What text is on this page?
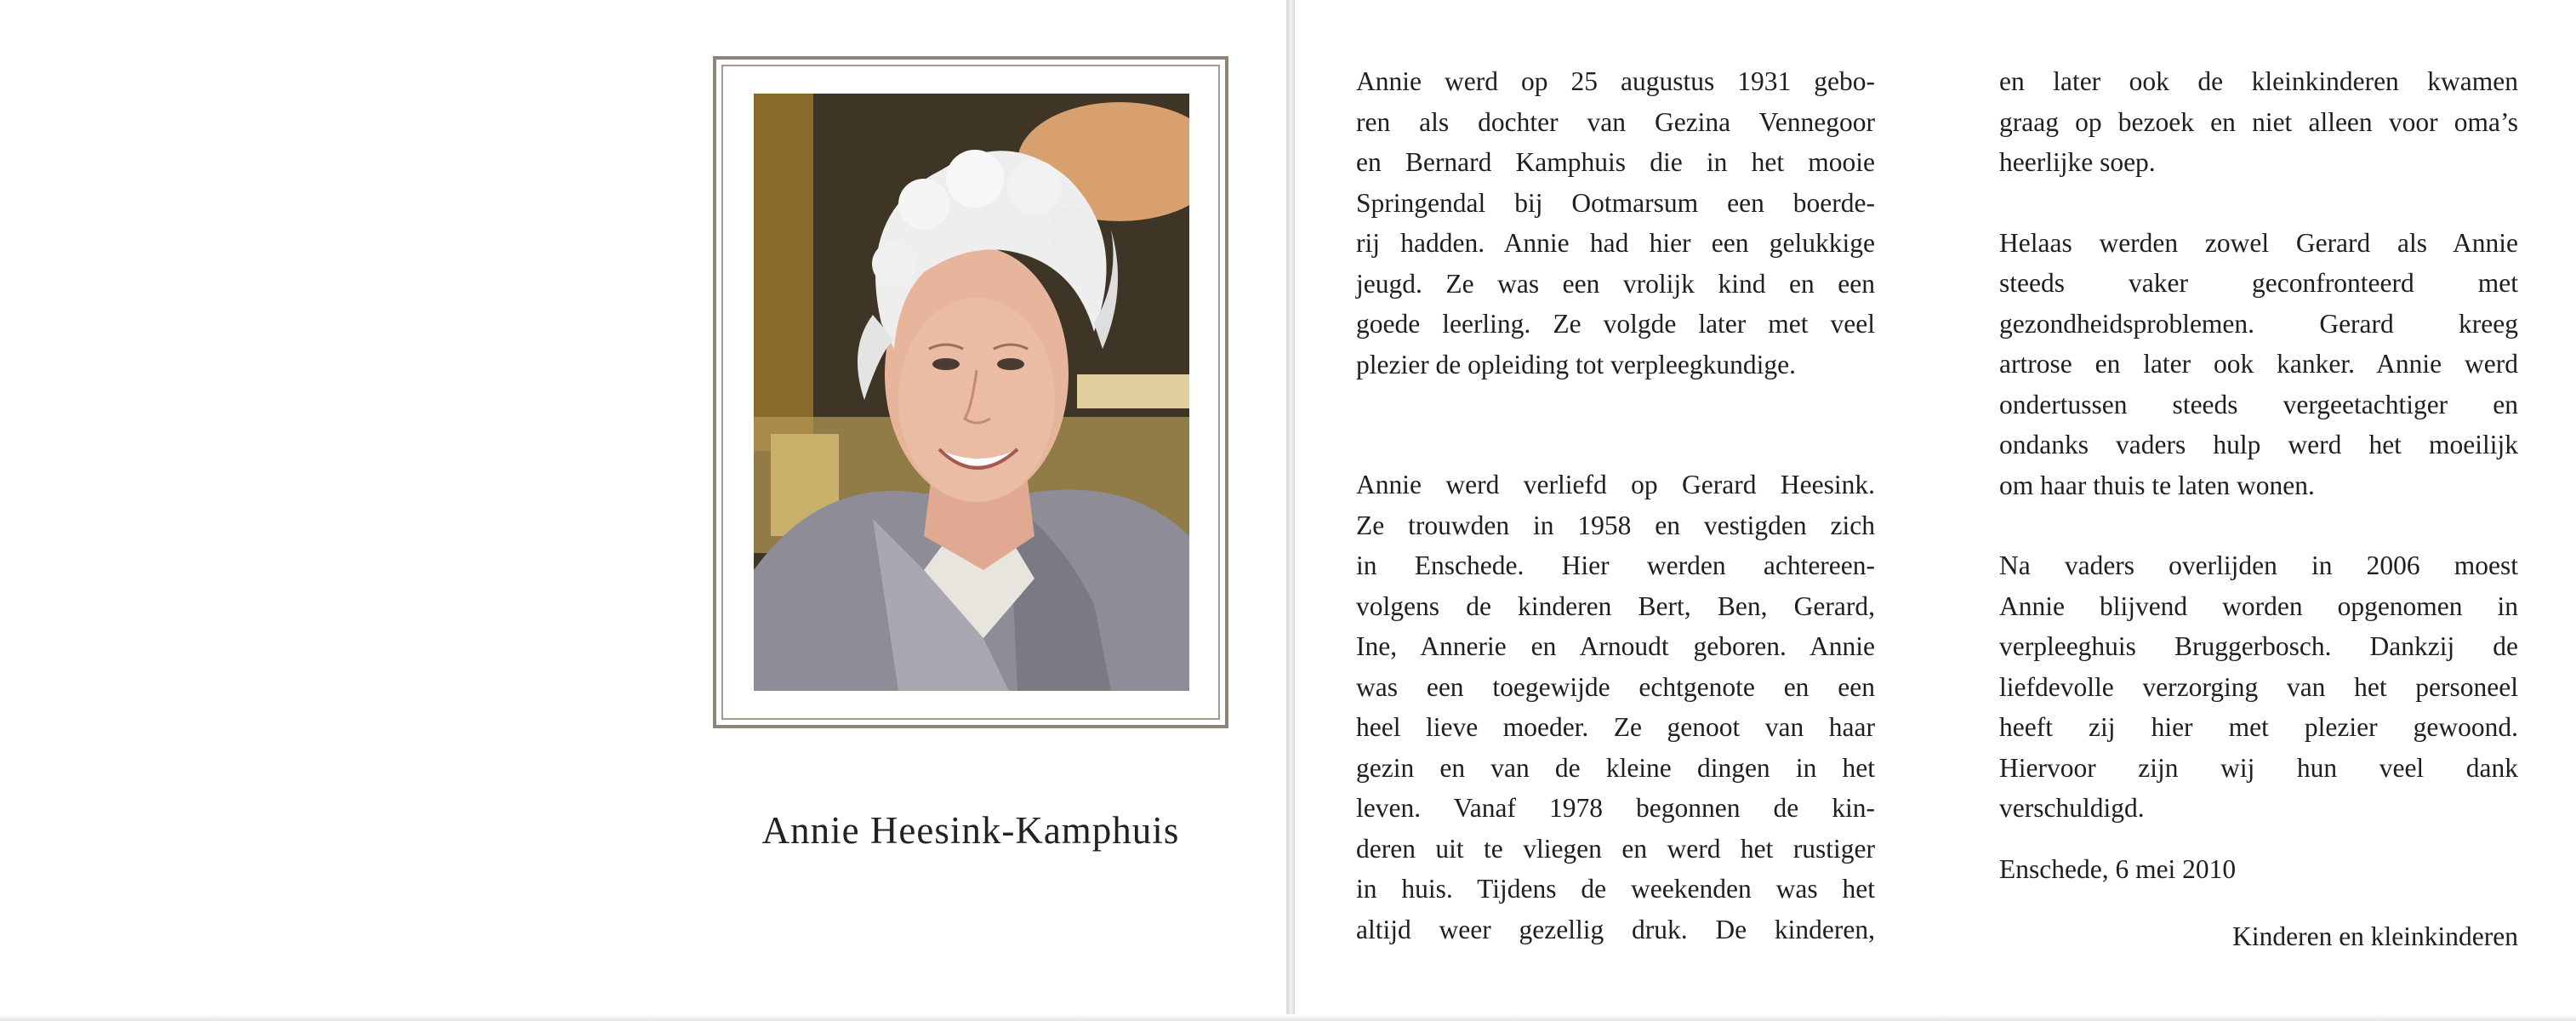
Annie Heesink-Kamphuis
Annie werd op 25 augustus 1931 gebo-
ren als dochter van Gezina Vennegoor
en Bernard Kamphuis die in het mooie
Springendal bij Ootmarsum een boerde-
rij hadden. Annie had hier een gelukkige
jeugd. Ze was een vrolijk kind en een
goede leerling. Ze volgde later met veel
plezier de opleiding tot verpleegkundige.
Annie werd verliefd op Gerard Heesink.
Ze trouwden in 1958 en vestigden zich
in Enschede. Hier werden achtereen-
volgens de kinderen Bert, Ben, Gerard,
Ine, Annerie en Arnoudt geboren. Annie
was een toegewijde echtgenote en een
heel lieve moeder. Ze genoot van haar
gezin en van de kleine dingen in het
leven. Vanaf 1978 begonnen de kin-
deren uit te vliegen en werd het rustiger
in huis. Tijdens de weekenden was het
altijd weer gezellig druk. De kinderen,
en later ook de kleinkinderen kwamen
graag op bezoek en niet alleen voor oma’s
heerlijke soep.
Helaas werden zowel Gerard als Annie
steeds vaker geconfronteerd met
gezondheidsproblemen. Gerard kreeg
artrose en later ook kanker. Annie werd
ondertussen steeds vergeetachtiger en
ondanks vaders hulp werd het moeilijk
om haar thuis te laten wonen.
Na vaders overlijden in 2006 moest
Annie blijvend worden opgenomen in
verpleeghuis Bruggerbosch. Dankzij de
liefdevolle verzorging van het personeel
heeft zij hier met plezier gewoond.
Hiervoor zijn wij hun veel dank
verschuldigd.
Enschede, 6 mei 2010
Kinderen en kleinkinderen
